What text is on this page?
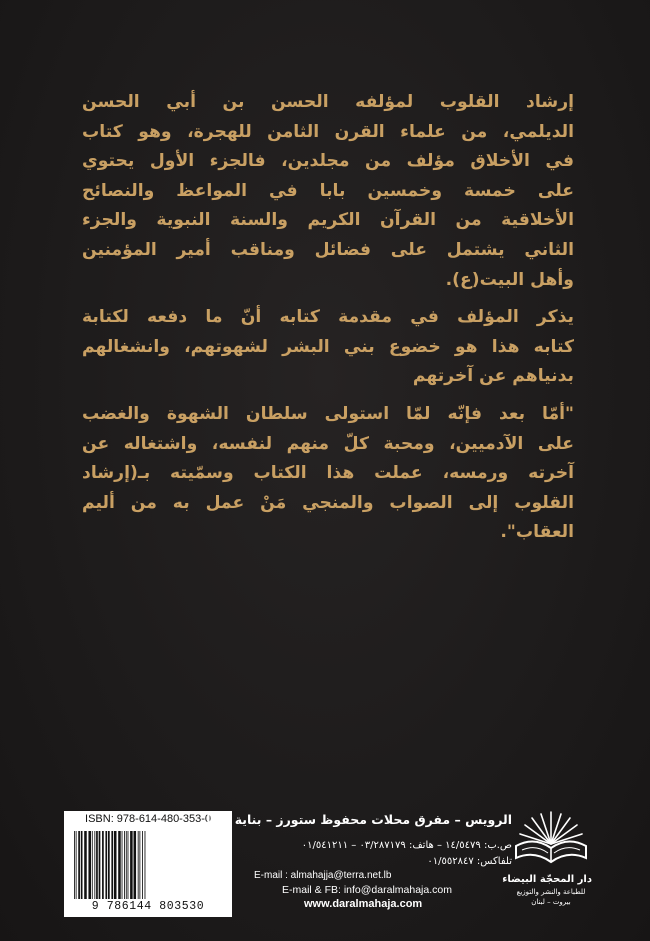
إرشاد القلوب لمؤلفه الحسن بن أبي الحسن
الديلمي، من علماء القرن الثامن للهجرة، وهو كتاب
في الأخلاق مؤلف من مجلدين، فالجزء الأول يحتوي
على خمسة وخمسين بابا في المواعظ والنصائح
الأخلاقية من القرآن الكريم والسنة النبوية والجزء
الثاني يشتمل على فضائل ومناقب أمير المؤمنين
وأهل البيت(ع).

يذكر المؤلف في مقدمة كتابه أنّ ما دفعه لكتابة
كتابه هذا هو خضوع بني البشر لشهوتهم، وانشغالهم
بدنياهم عن آخرتهم

"أمّا بعد فإنّه لمّا استولى سلطان الشهوة والغضب
على الآدميين، ومحبة كلّ منهم لنفسه، واشتغاله عن
آخرته ورمسه، عملت هذا الكتاب وسمّيته بـ(إرشاد
القلوب إلى الصواب والمنجي مَنْ عمل به من أليم العقاب".

ISBN: 978-614-480-353-0
9 786144 803530
الرويس – مفرق محلات محفوظ ستورز – بناية رمّال
ص.ب: ١٤/٥٤٧٩ – هاتف: ٠٣/٢٨٧١٧٩ – ٠١/٥٤١٢١١
تلفاكس: ٠١/٥٥٢٨٤٧
E-mail : almahajja@terra.net.lb
E-mail & FB: info@daralmahaja.com
www.daralmahaja.com
دار المحجّة البيضاء
للطباعة والنشر والتوزيع
بيروت – لبنان
